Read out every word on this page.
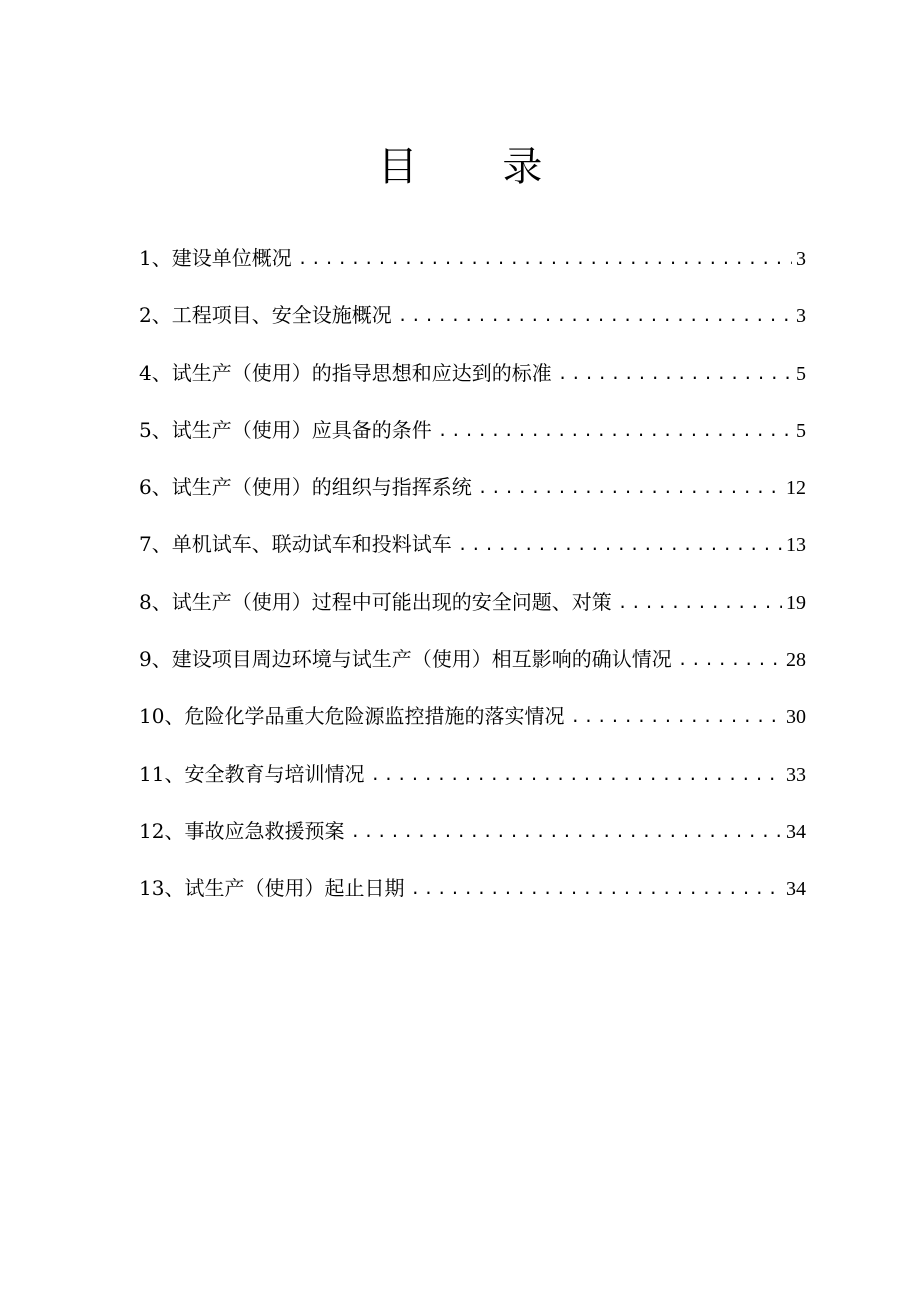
目 录
1、建设单位概况 .....	3
2、工程项目、安全设施概况 .....	3
4、试生产（使用）的指导思想和应达到的标准 .....	5
5、试生产（使用）应具备的条件 .....	5
6、试生产（使用）的组织与指挥系统 .....	12
7、单机试车、联动试车和投料试车 .....	13
8、试生产（使用）过程中可能出现的安全问题、对策 .....	19
9、建设项目周边环境与试生产（使用）相互影响的确认情况 .....	28
10、危险化学品重大危险源监控措施的落实情况 .....	30
11、安全教育与培训情况 .....	33
12、事故应急救援预案 .....	34
13、试生产（使用）起止日期 .....	34
